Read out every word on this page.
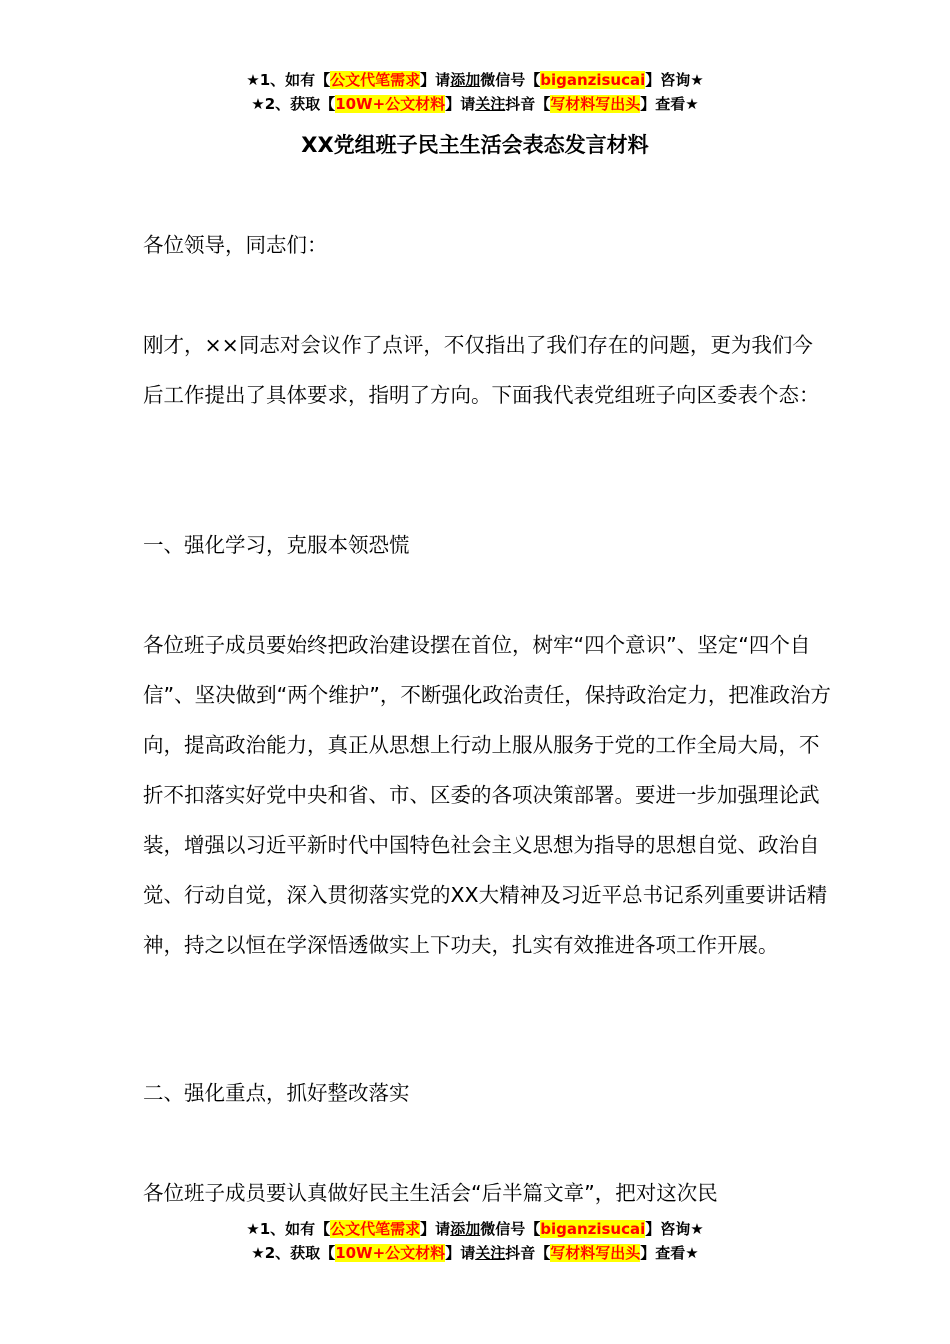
★1、如有【公文代笔需求】请添加微信号【biganzisucai】咨询★
★2、获取【10W+公文材料】请关注抖音【写材料写出头】查看★
XX党组班子民主生活会表态发言材料

各位领导，同志们：

刚才，××同志对会议作了点评，不仅指出了我们存在的问题，更为我们今后工作提出了具体要求，指明了方向。下面我代表党组班子向区委表个态：

一、强化学习，克服本领恐慌

各位班子成员要始终把政治建设摆在首位，树牢“四个意识”、坚定“四个自信”、坚决做到“两个维护”，不断强化政治责任，保持政治定力，把准政治方向，提高政治能力，真正从思想上行动上服从服务于党的工作全局大局，不折不扣落实好党中央和省、市、区委的各项决策部署。要进一步加强理论武装，增强以习近平新时代中国特色社会主义思想为指导的思想自觉、政治自觉、行动自觉，深入贯彻落实党的XX大精神及习近平总书记系列重要讲话精神，持之以恒在学深悟透做实上下功夫，扎实有效推进各项工作开展。

二、强化重点，抓好整改落实

各位班子成员要认真做好民主生活会“后半篇文章”，把对这次民

★1、如有【公文代笔需求】请添加微信号【biganzisucai】咨询★
★2、获取【10W+公文材料】请关注抖音【写材料写出头】查看★
